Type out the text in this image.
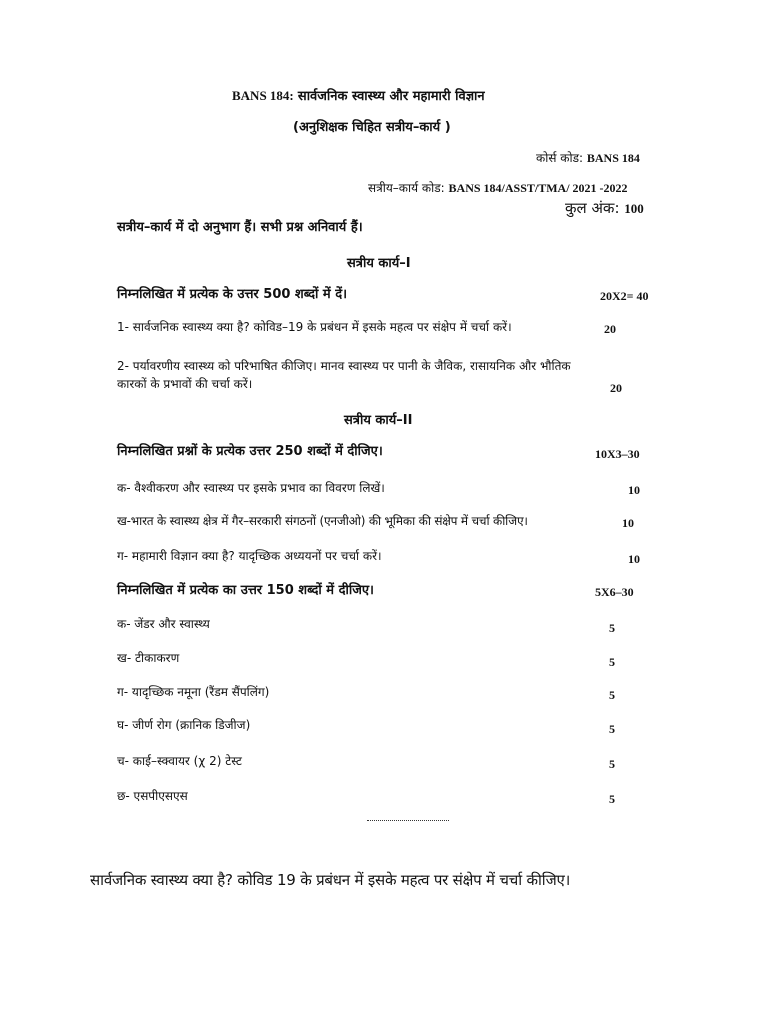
BANS 184: सार्वजनिक स्वास्थ्य और महामारी विज्ञान
(अनुशिक्षक चिहित सत्रीय–कार्य )
कोर्स कोड: BANS 184
सत्रीय–कार्य कोड: BANS 184/ASST/TMA/ 2021 -2022
कुल अंक: 100
सत्रीय–कार्य में दो अनुभाग हैं। सभी प्रश्न अनिवार्य हैं।
सत्रीय कार्य–I
निम्नलिखित में प्रत्येक के उत्तर 500 शब्दों में दें।	20X2= 40
1- सार्वजनिक स्वास्थ्य क्या है? कोविड–19 के प्रबंधन में इसके महत्व पर संक्षेप में चर्चा करें।	20
2- पर्यावरणीय स्वास्थ्य को परिभाषित कीजिए। मानव स्वास्थ्य पर पानी के जैविक, रासायनिक और भौतिक
कारकों के प्रभावों की चर्चा करें।	20
सत्रीय कार्य–II
निम्नलिखित प्रश्नों के प्रत्येक उत्तर 250 शब्दों में दीजिए।	10X3–30
क- वैश्वीकरण और स्वास्थ्य पर इसके प्रभाव का विवरण लिखें।	10
ख-भारत के स्वास्थ्य क्षेत्र में गैर–सरकारी संगठनों (एनजीओ) की भूमिका की संक्षेप में चर्चा कीजिए।	10
ग- महामारी विज्ञान क्या है? यादृच्छिक अध्ययनों पर चर्चा करें।	10
निम्नलिखित में प्रत्येक का उत्तर 150 शब्दों में दीजिए।	5X6–30
क- जेंडर और स्वास्थ्य	5
ख- टीकाकरण	5
ग- यादृच्छिक नमूना (रैंडम सैंपलिंग)	5
घ- जीर्ण रोग (क्रानिक डिजीज)	5
च- काई–स्क्वायर (χ 2) टेस्ट	5
छ- एसपीएसएस	5
सार्वजनिक स्वास्थ्य क्या है? कोविड 19 के प्रबंधन में इसके महत्व पर संक्षेप में चर्चा कीजिए।
